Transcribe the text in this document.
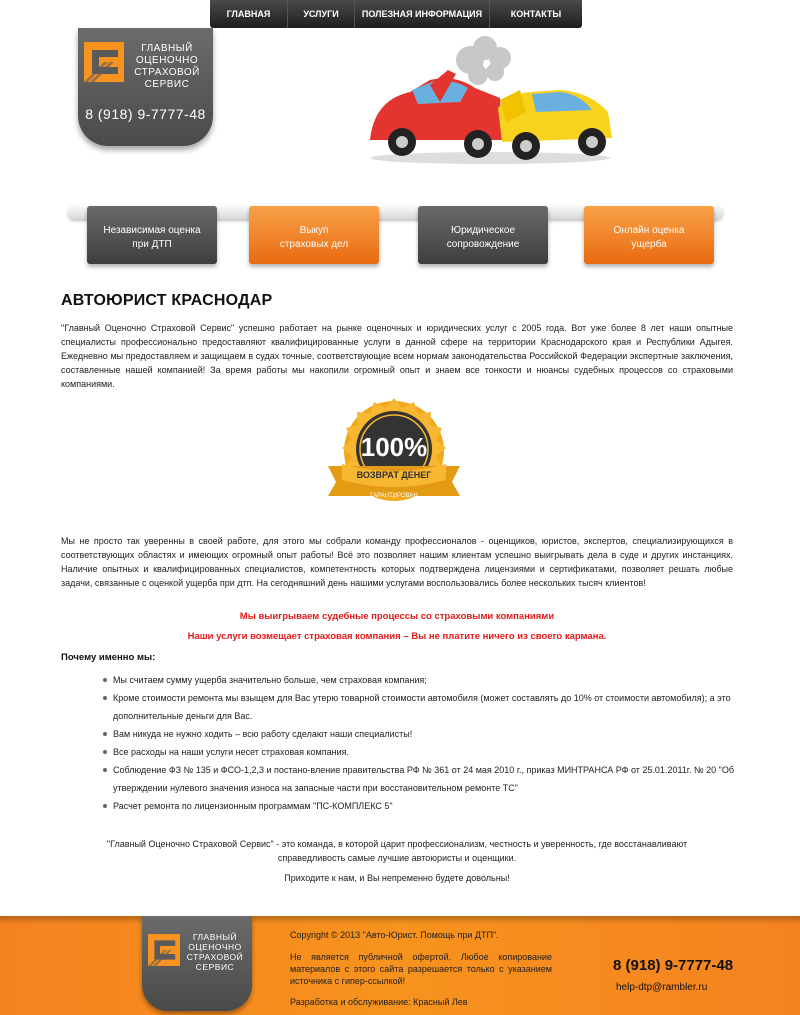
ГЛАВНАЯ	УСЛУГИ	ПОЛЕЗНАЯ ИНФОРМАЦИЯ	КОНТАКТЫ
ГЛАВНЫЙ
ОЦЕНОЧНО
СТРАХОВОЙ
СЕРВИС
8 (918) 9-7777-48
Независимая оценка
при ДТП
Выкуп
страховых дел
Юридическое
сопровождение
Онлайн оценка
ущерба
АВТОЮРИСТ КРАСНОДАР
"Главный Оценочно Страховой Сервис" успешно работает на рынке оценочных и юридических услуг с 2005 года. Вот уже более 8 лет наши опытные специалисты профессионально предоставляют квалифицированные услуги в данной сфере на территории Краснодарского края и Республики Адыгея. Ежедневно мы предоставляем и защищаем в судах точные, соответствующие всем нормам законодательства Российской Федерации экспертные заключения, составленные нашей компанией! За время работы мы накопили огромный опыт и знаем все тонкости и нюансы судебных процессов со страховыми компаниями.
100%
ВОЗВРАТ ДЕНЕГ
ГАРАНТИРОВАН
Мы не просто так уверенны в своей работе, для этого мы собрали команду профессионалов - оценщиков, юристов, экспертов, специализирующихся в соответствующих областях и имеющих огромный опыт работы! Всё это позволяет нашим клиентам успешно выигрывать дела в суде и других инстанциях. Наличие опытных и квалифицированных специалистов, компетентность которых подтверждена лицензиями и сертификатами, позволяет решать любые задачи, связанные с оценкой ущерба при дтп. На сегодняшний день нашими услугами воспользовались более нескольких тысяч клиентов!
Мы выигрываем судебные процессы со страховыми компаниями
Наши услуги возмещает страховая компания – Вы не платите ничего из своего кармана.
Почему именно мы:
Мы считаем сумму ущерба значительно больше, чем страховая компания;
Кроме стоимости ремонта мы взыщем для Вас утерю товарной стоимости автомобиля (может составлять до 10% от стоимости автомобиля); а это дополнительные деньги для Вас.
Вам никуда не нужно ходить – всю работу сделают наши специалисты!
Все расходы на наши услуги несет страховая компания.
Соблюдение ФЗ № 135 и ФСО-1,2,3 и постано-вление правительства РФ № 361 от 24 мая 2010 г., приказ МИНТРАНСА РФ от 25.01.2011г. № 20 "Об утверждении нулевого значения износа на запасные части при восстановительном ремонте ТС"
Расчет ремонта по лицензионным программам "ПС-КОМПЛЕКС 5"
"Главный Оценочно Страховой Сервис" - это команда, в которой царит профессионализм, честность и уверенность, где восстанавливают справедливость самые лучшие автоюристы и оценщики.
Приходите к нам, и Вы непременно будете довольны!
ГЛАВНЫЙ
ОЦЕНОЧНО
СТРАХОВОЙ
СЕРВИС
Copyright © 2013 "Авто-Юрист. Помощь при ДТП".
Не является публичной офертой. Любое копирование материалов с этого сайта разрешается только с указанием источника с гипер-ссылкой!
Разработка и обслуживание: Красный Лев
8 (918) 9-7777-48
help-dtp@rambler.ru
